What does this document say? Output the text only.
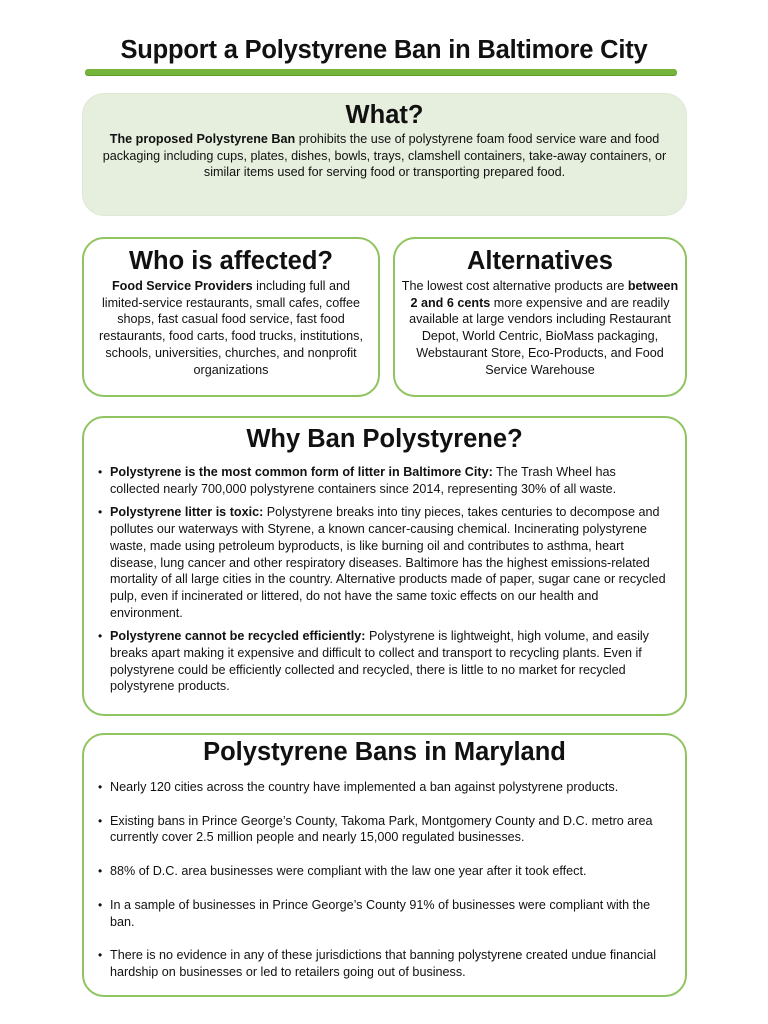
Support a Polystyrene Ban in Baltimore City
What?

The proposed Polystyrene Ban prohibits the use of polystyrene foam food service ware and food packaging including cups, plates, dishes, bowls, trays, clamshell containers, take-away containers, or similar items used for serving food or transporting prepared food.

Who is affected?

Food Service Providers including full and limited-service restaurants, small cafes, coffee shops, fast casual food service, fast food restaurants, food carts, food trucks, institutions, schools, universities, churches, and nonprofit organizations

Alternatives

The lowest cost alternative products are between 2 and 6 cents more expensive and are readily available at large vendors including Restaurant Depot, World Centric, BioMass packaging, Webstaurant Store, Eco-Products, and Food Service Warehouse

Why Ban Polystyrene?
• Polystyrene is the most common form of litter in Baltimore City: The Trash Wheel has collected nearly 700,000 polystyrene containers since 2014, representing 30% of all waste.
• Polystyrene litter is toxic: Polystyrene breaks into tiny pieces, takes centuries to decompose and pollutes our waterways with Styrene, a known cancer-causing chemical. Incinerating polystyrene waste, made using petroleum byproducts, is like burning oil and contributes to asthma, heart disease, lung cancer and other respiratory diseases. Baltimore has the highest emissions-related mortality of all large cities in the country. Alternative products made of paper, sugar cane or recycled pulp, even if incinerated or littered, do not have the same toxic effects on our health and environment.
• Polystyrene cannot be recycled efficiently: Polystyrene is lightweight, high volume, and easily breaks apart making it expensive and difficult to collect and transport to recycling plants. Even if polystyrene could be efficiently collected and recycled, there is little to no market for recycled polystyrene products.
Polystyrene Bans in Maryland
• Nearly 120 cities across the country have implemented a ban against polystyrene products.
• Existing bans in Prince George’s County, Takoma Park, Montgomery County and D.C. metro area currently cover 2.5 million people and nearly 15,000 regulated businesses.
• 88% of D.C. area businesses were compliant with the law one year after it took effect.
• In a sample of businesses in Prince George’s County 91% of businesses were compliant with the ban.
• There is no evidence in any of these jurisdictions that banning polystyrene created undue financial hardship on businesses or led to retailers going out of business.
